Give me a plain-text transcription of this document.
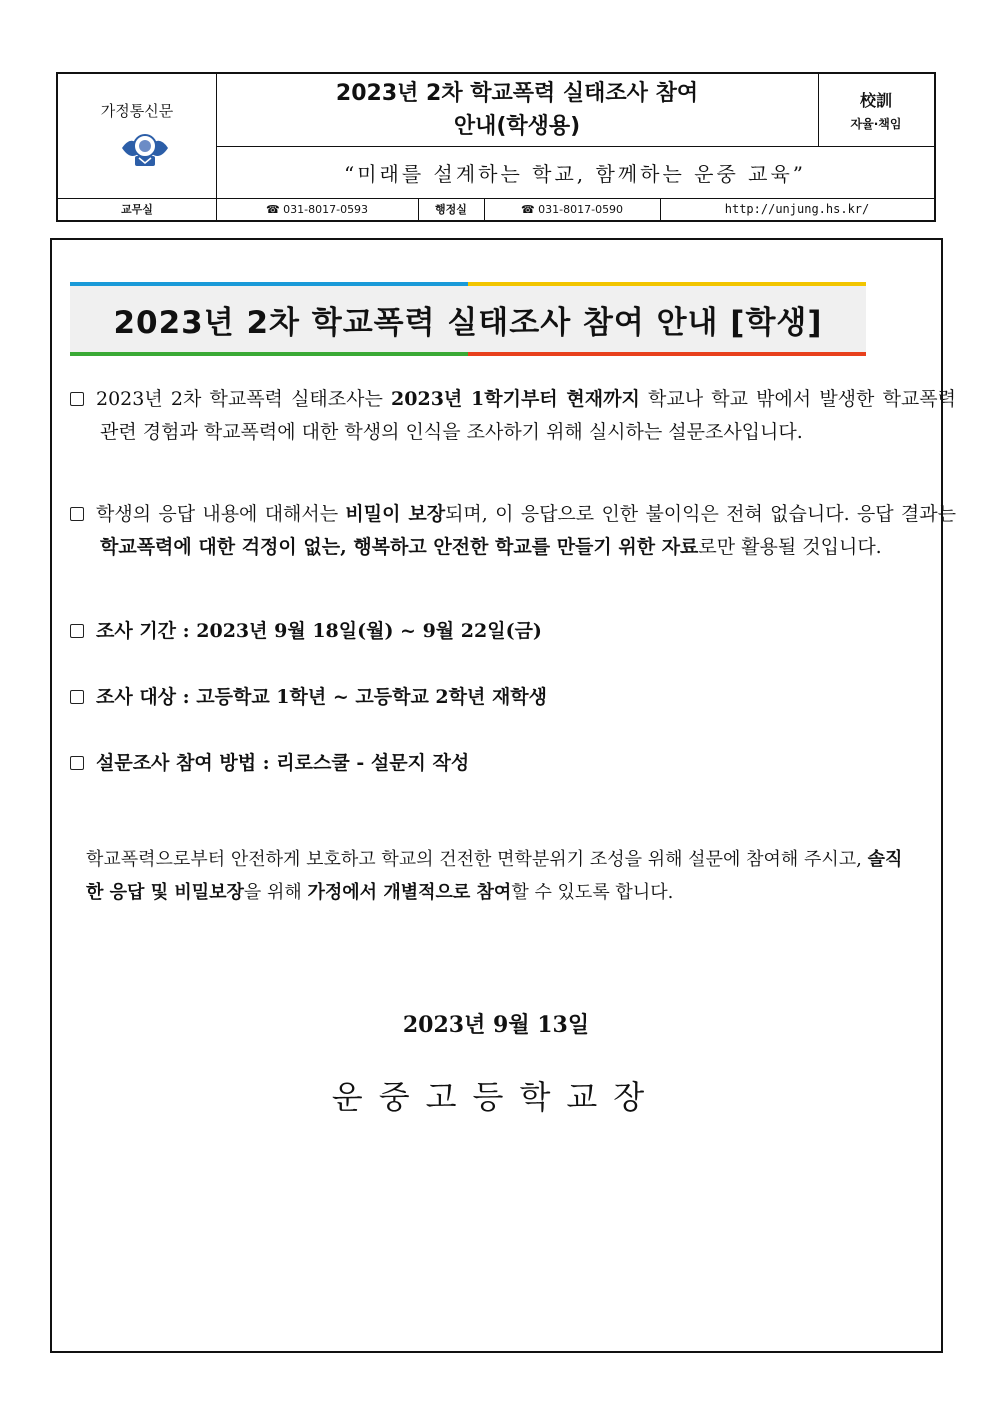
가정통신문
2023년 2차 학교폭력 실태조사 참여
안내(학생용)
校訓
자율·책임
“미래를 설계하는 학교, 함께하는 운중 교육”
교무실	☎ 031-8017-0593	행정실	☎ 031-8017-0590	http://unjung.hs.kr/
2023년 2차 학교폭력 실태조사 참여 안내 [학생]
2023년 2차 학교폭력 실태조사는 2023년 1학기부터 현재까지 학교나 학교 밖에서 발생한 학교폭력 관련 경험과 학교폭력에 대한 학생의 인식을 조사하기 위해 실시하는 설문조사입니다.
학생의 응답 내용에 대해서는 비밀이 보장되며, 이 응답으로 인한 불이익은 전혀 없습니다. 응답 결과는 학교폭력에 대한 걱정이 없는, 행복하고 안전한 학교를 만들기 위한 자료로만 활용될 것입니다.
조사 기간 : 2023년 9월 18일(월) ~ 9월 22일(금)
조사 대상 : 고등학교 1학년 ~ 고등학교 2학년 재학생
설문조사 참여 방법 : 리로스쿨 - 설문지 작성
학교폭력으로부터 안전하게 보호하고 학교의 건전한 면학분위기 조성을 위해 설문에 참여해 주시고, 솔직한 응답 및 비밀보장을 위해 가정에서 개별적으로 참여할 수 있도록 합니다.
2023년 9월 13일
운중고등학교장
